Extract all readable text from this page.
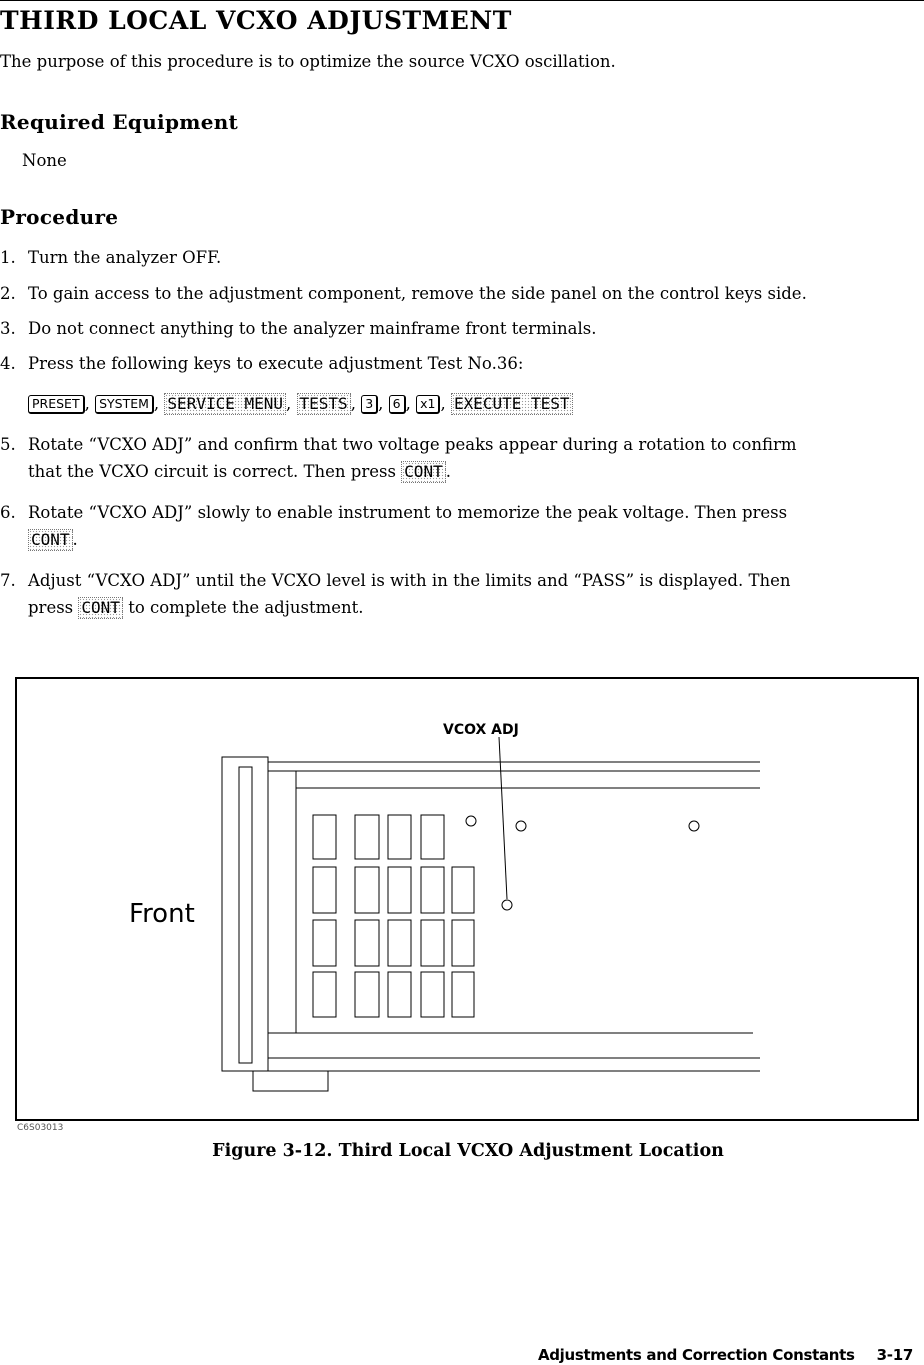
THIRD LOCAL VCXO ADJUSTMENT

The purpose of this procedure is to optimize the source VCXO oscillation.

Required Equipment

None

Procedure
1. Turn the analyzer OFF.
2. To gain access to the adjustment component, remove the side panel on the control keys side.
3. Do not connect anything to the analyzer mainframe front terminals.
4. Press the following keys to execute adjustment Test No.36:
PRESET , SYSTEM , SERVICE MENU , TESTS , 3 , 6 , x1 , EXECUTE TEST
5. Rotate “VCXO ADJ” and confirm that two voltage peaks appear during a rotation to confirm
that the VCXO circuit is correct. Then press CONT .
6. Rotate “VCXO ADJ” slowly to enable instrument to memorize the peak voltage. Then press
CONT .
7. Adjust “VCXO ADJ” until the VCXO level is with in the limits and “PASS” is displayed. Then
press CONT to complete the adjustment.
VCOX ADJ
Front
C6S03013
Figure 3-12. Third Local VCXO Adjustment Location
Adjustments and Correction Constants 3-17
